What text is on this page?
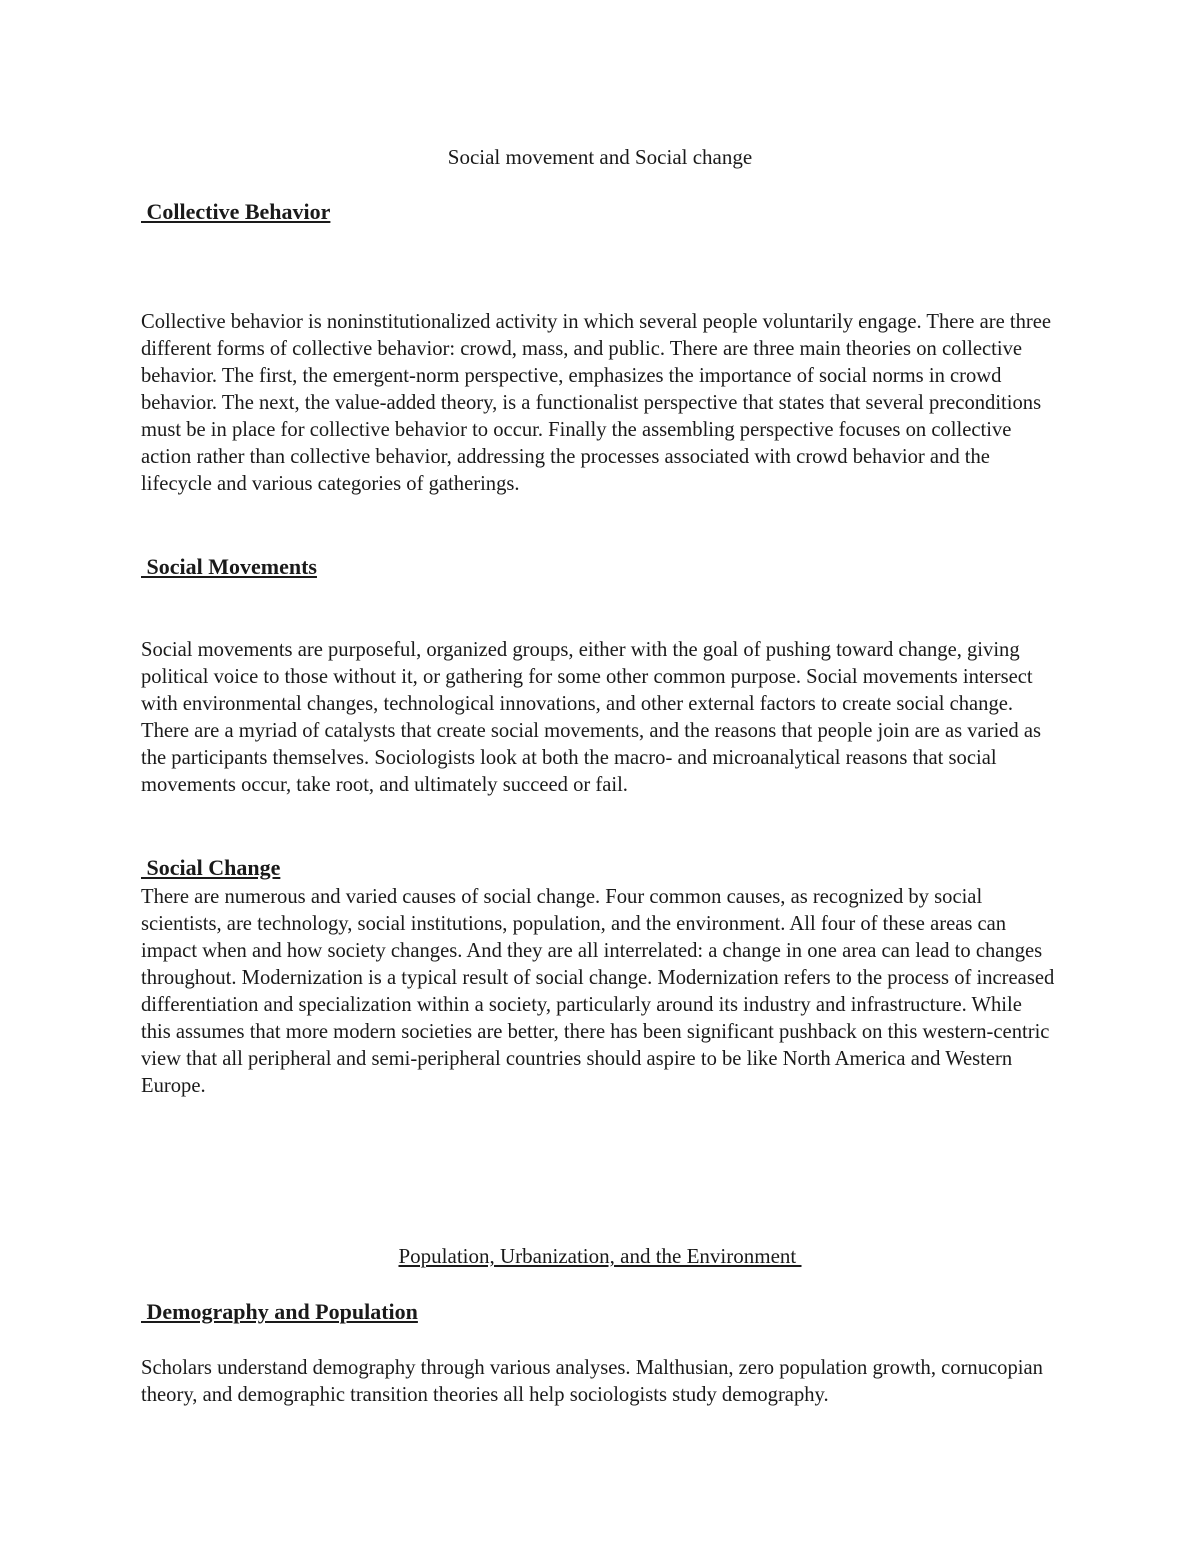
Social movement and Social change
Collective Behavior

Collective behavior is noninstitutionalized activity in which several people voluntarily engage. There are three different forms of collective behavior: crowd, mass, and public. There are three main theories on collective behavior. The first, the emergent-norm perspective, emphasizes the importance of social norms in crowd behavior. The next, the value-added theory, is a functionalist perspective that states that several preconditions must be in place for collective behavior to occur. Finally the assembling perspective focuses on collective action rather than collective behavior, addressing the processes associated with crowd behavior and the lifecycle and various categories of gatherings.

Social Movements

Social movements are purposeful, organized groups, either with the goal of pushing toward change, giving political voice to those without it, or gathering for some other common purpose. Social movements intersect with environmental changes, technological innovations, and other external factors to create social change. There are a myriad of catalysts that create social movements, and the reasons that people join are as varied as the participants themselves. Sociologists look at both the macro- and microanalytical reasons that social movements occur, take root, and ultimately succeed or fail.

Social Change

There are numerous and varied causes of social change. Four common causes, as recognized by social scientists, are technology, social institutions, population, and the environment. All four of these areas can impact when and how society changes. And they are all interrelated: a change in one area can lead to changes throughout. Modernization is a typical result of social change. Modernization refers to the process of increased differentiation and specialization within a society, particularly around its industry and infrastructure. While this assumes that more modern societies are better, there has been significant pushback on this western-centric view that all peripheral and semi-peripheral countries should aspire to be like North America and Western Europe.

Population, Urbanization, and the Environment
Demography and Population

Scholars understand demography through various analyses. Malthusian, zero population growth, cornucopian theory, and demographic transition theories all help sociologists study demography.
